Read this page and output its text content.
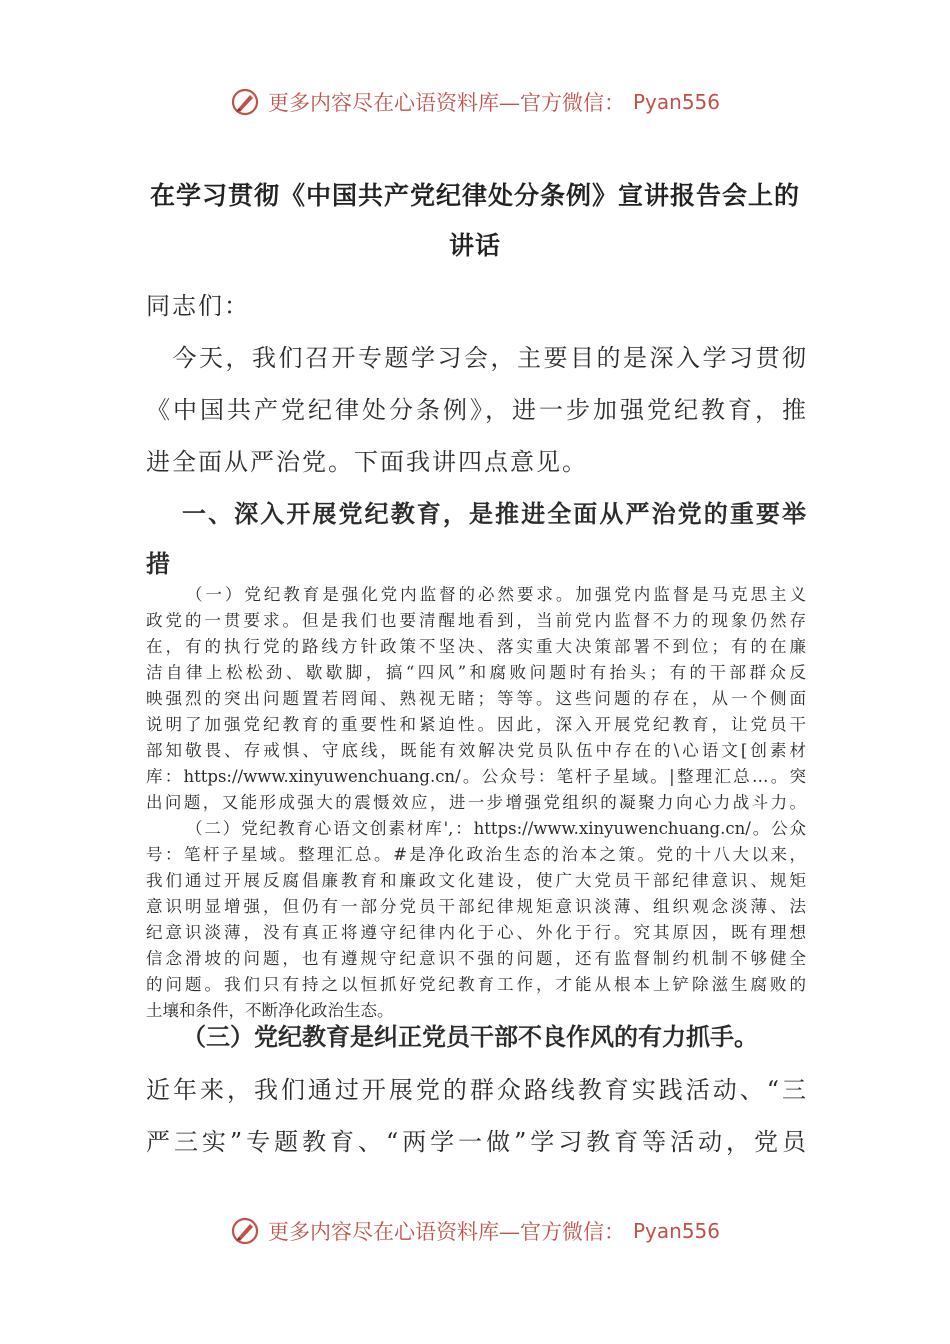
更多内容尽在心语资料库—官方微信： Pyan556
在学习贯彻《中国共产党纪律处分条例》宣讲报告会上的
讲话
同志们：
　今天，我们召开专题学习会，主要目的是深入学习贯彻
《中国共产党纪律处分条例》，进一步加强党纪教育，推
进全面从严治党。下面我讲四点意见。
一、深入开展党纪教育，是推进全面从严治党的重要举
措
（一）党纪教育是强化党内监督的必然要求。加强党内监督是马克思主义
政党的一贯要求。但是我们也要清醒地看到，当前党内监督不力的现象仍然存
在，有的执行党的路线方针政策不坚决、落实重大决策部署不到位；有的在廉
洁自律上松松劲、歇歇脚，搞“四风”和腐败问题时有抬头；有的干部群众反
映强烈的突出问题置若罔闻、熟视无睹；等等。这些问题的存在，从一个侧面
说明了加强党纪教育的重要性和紧迫性。因此，深入开展党纪教育，让党员干
部知敬畏、存戒惧、守底线，既能有效解决党员队伍中存在的\心语文[创素材
库：https://www.xinyuwenchuang.cn/。公众号：笔杆子星域。|整理汇总…。突
出问题，又能形成强大的震慑效应，进一步增强党组织的凝聚力向心力战斗力。
（二）党纪教育心语文创素材库',：https://www.xinyuwenchuang.cn/。公众
号：笔杆子星域。整理汇总。#是净化政治生态的治本之策。党的十八大以来，
我们通过开展反腐倡廉教育和廉政文化建设，使广大党员干部纪律意识、规矩
意识明显增强，但仍有一部分党员干部纪律规矩意识淡薄、组织观念淡薄、法
纪意识淡薄，没有真正将遵守纪律内化于心、外化于行。究其原因，既有理想
信念滑坡的问题，也有遵规守纪意识不强的问题，还有监督制约机制不够健全
的问题。我们只有持之以恒抓好党纪教育工作，才能从根本上铲除滋生腐败的
土壤和条件，不断净化政治生态。
（三）党纪教育是纠正党员干部不良作风的有力抓手。
近年来，我们通过开展党的群众路线教育实践活动、“三
严三实”专题教育、“两学一做”学习教育等活动，党员
更多内容尽在心语资料库—官方微信： Pyan556
